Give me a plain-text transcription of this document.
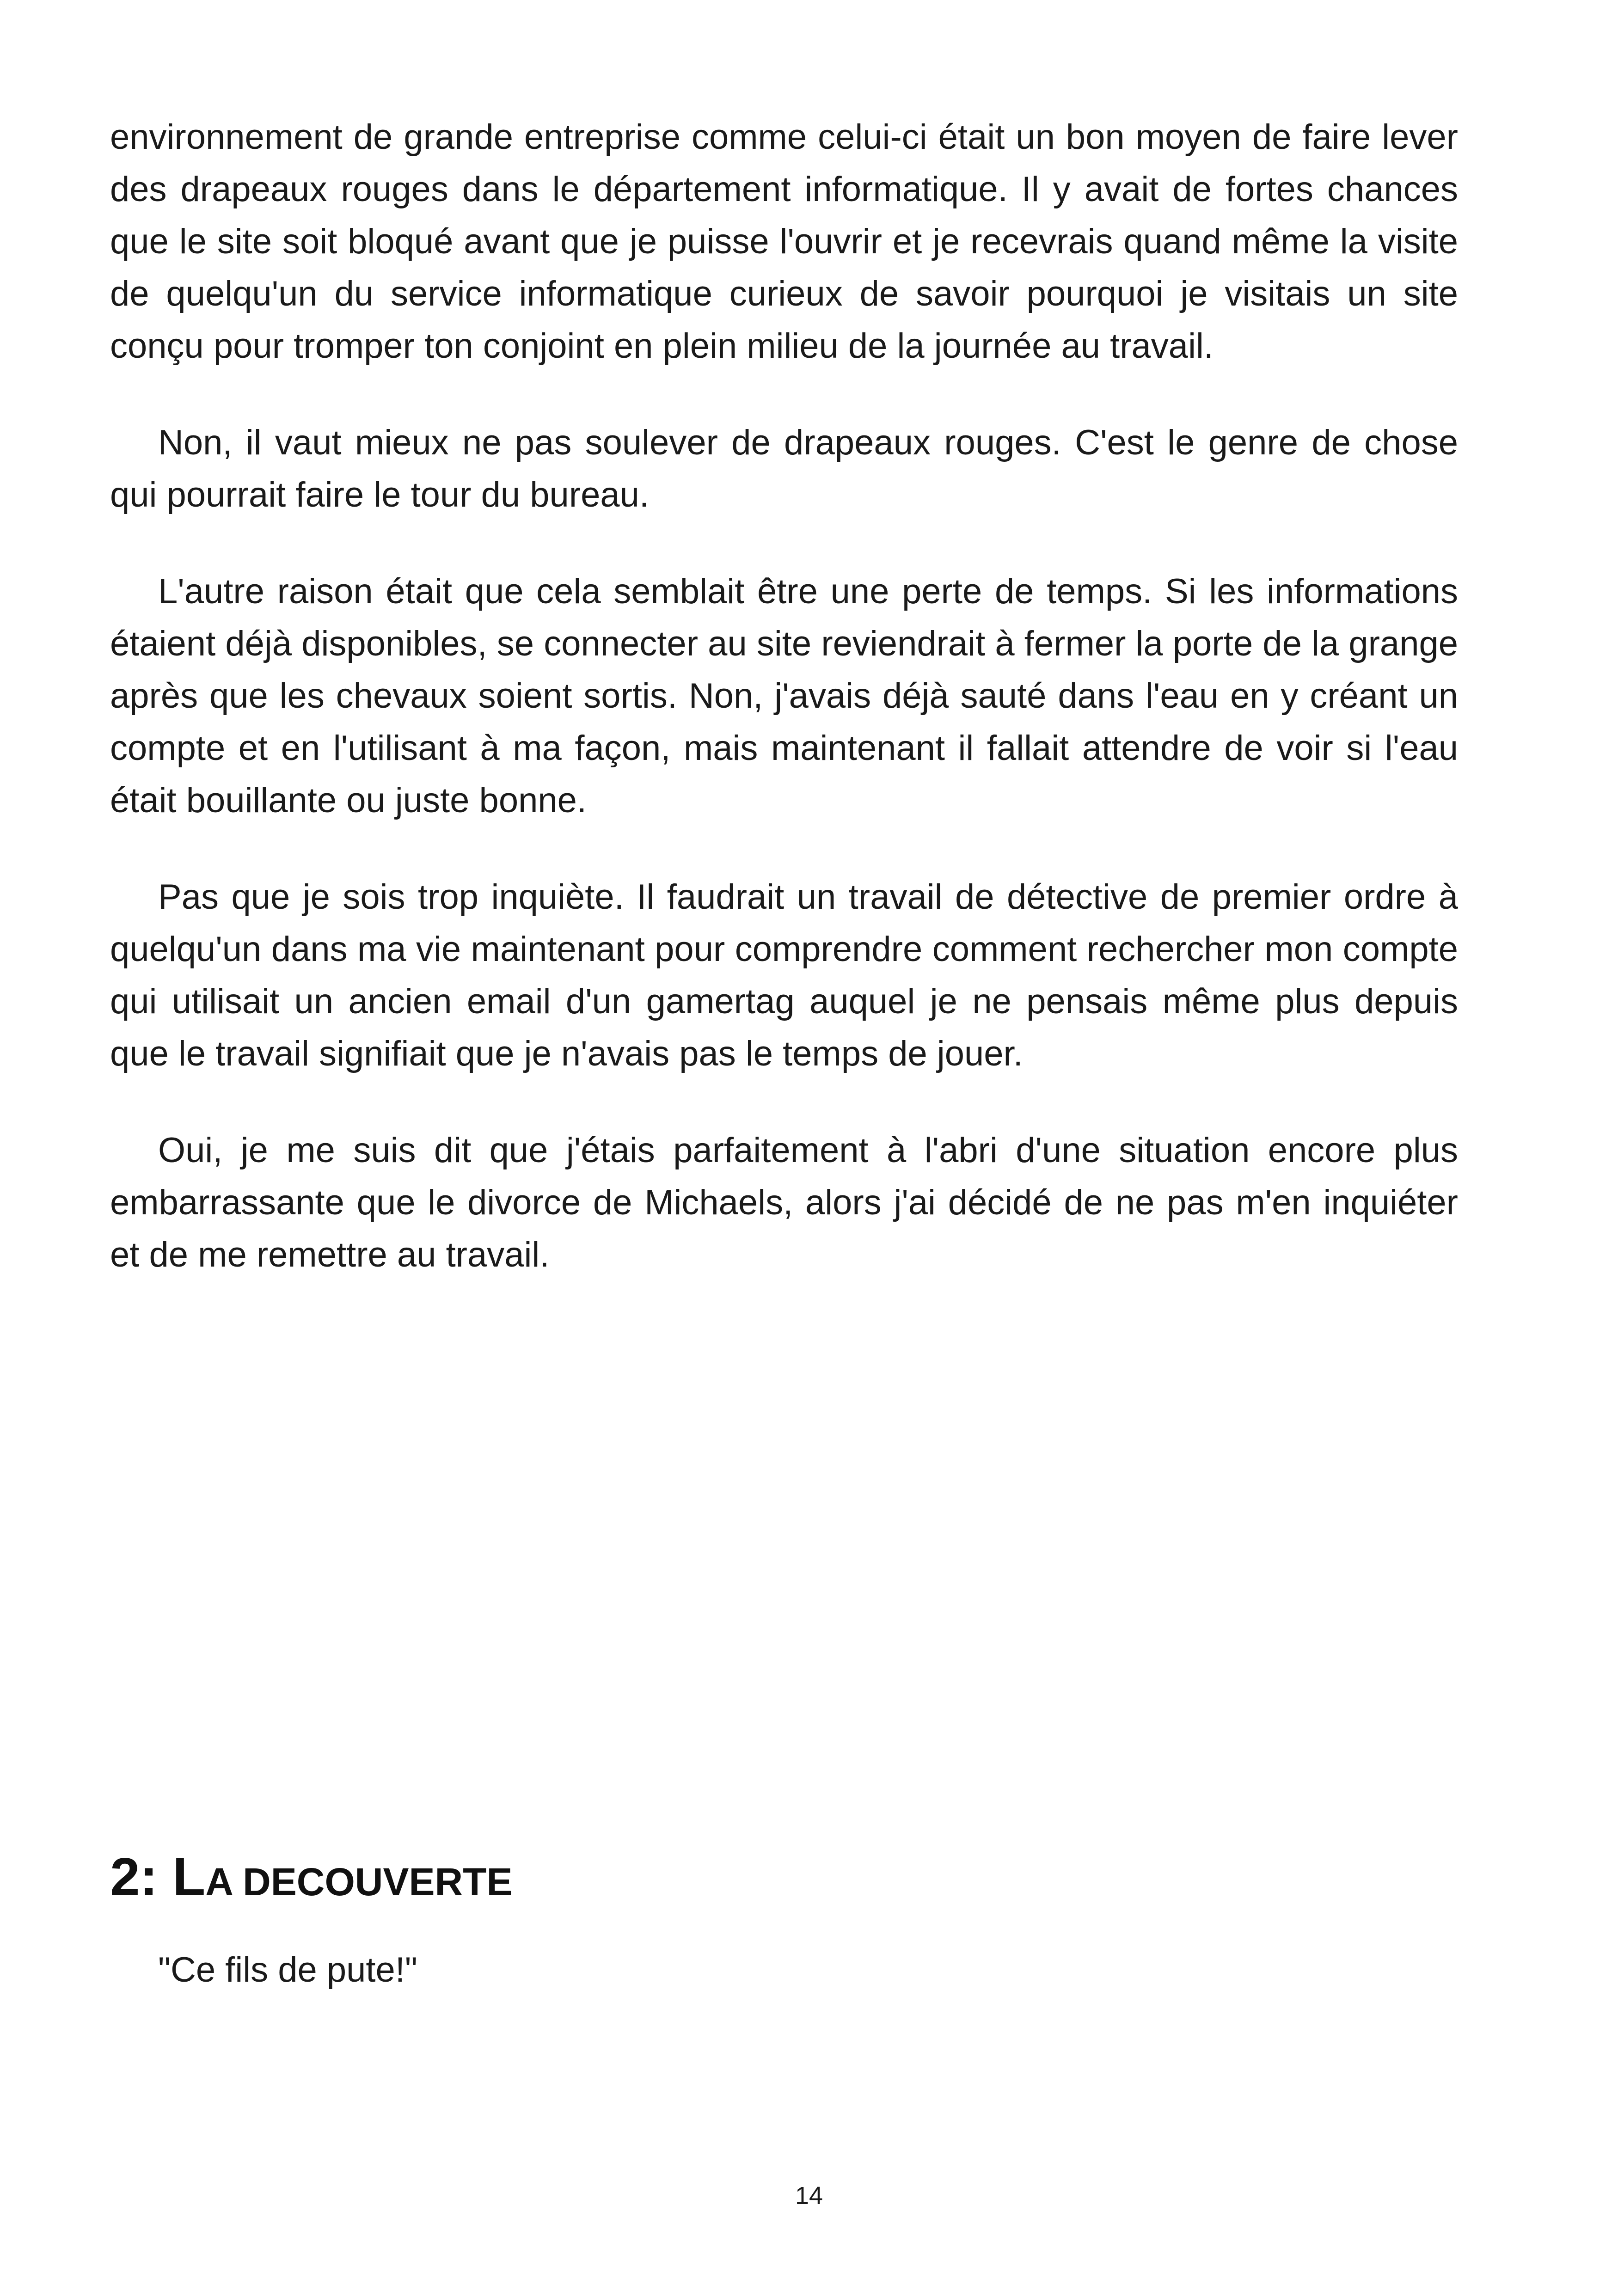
environnement de grande entreprise comme celui-ci était un bon moyen de faire lever des drapeaux rouges dans le département informatique. Il y avait de fortes chances que le site soit bloqué avant que je puisse l'ouvrir et je recevrais quand même la visite de quelqu'un du service informatique curieux de savoir pourquoi je visitais un site conçu pour tromper ton conjoint en plein milieu de la journée au travail.

Non, il vaut mieux ne pas soulever de drapeaux rouges. C'est le genre de chose qui pourrait faire le tour du bureau.

L'autre raison était que cela semblait être une perte de temps. Si les informations étaient déjà disponibles, se connecter au site reviendrait à fermer la porte de la grange après que les chevaux soient sortis. Non, j'avais déjà sauté dans l'eau en y créant un compte et en l'utilisant à ma façon, mais maintenant il fallait attendre de voir si l'eau était bouillante ou juste bonne.

Pas que je sois trop inquiète. Il faudrait un travail de détective de premier ordre à quelqu'un dans ma vie maintenant pour comprendre comment rechercher mon compte qui utilisait un ancien email d'un gamertag auquel je ne pensais même plus depuis que le travail signifiait que je n'avais pas le temps de jouer.

Oui, je me suis dit que j'étais parfaitement à l'abri d'une situation encore plus embarrassante que le divorce de Michaels, alors j'ai décidé de ne pas m'en inquiéter et de me remettre au travail.

2: LA DECOUVERTE

"Ce fils de pute!"

14
